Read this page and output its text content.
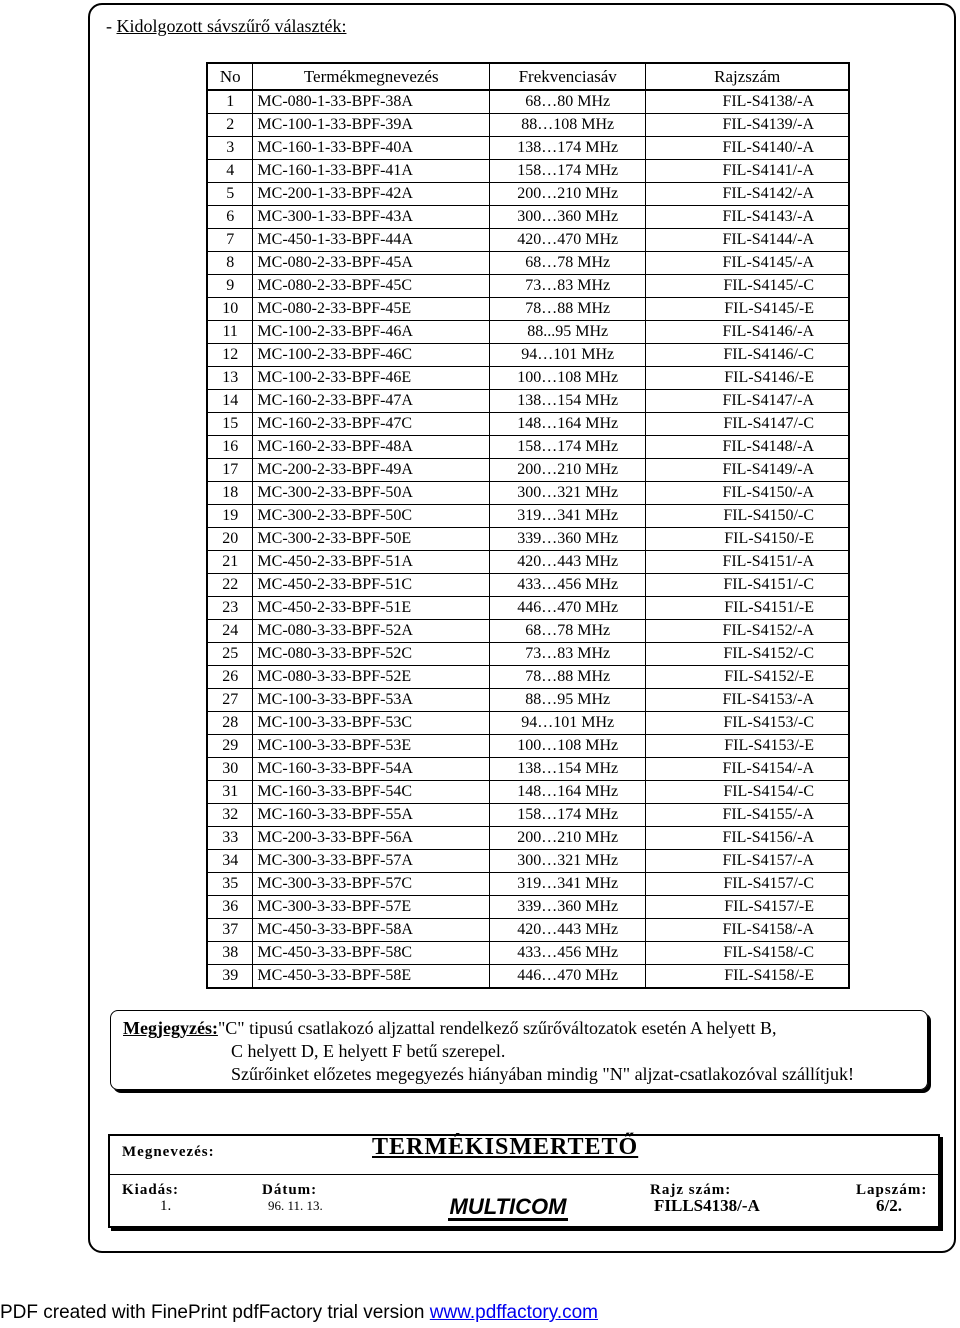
- Kidolgozott sávszűrő választék:
No	Termékmegnevezés	Frekvenciasáv	Rajzszám
1	MC-080-1-33-BPF-38A	68…80 MHz	FIL-S4138/-A
2	MC-100-1-33-BPF-39A	88…108 MHz	FIL-S4139/-A
3	MC-160-1-33-BPF-40A	138…174 MHz	FIL-S4140/-A
4	MC-160-1-33-BPF-41A	158…174 MHz	FIL-S4141/-A
5	MC-200-1-33-BPF-42A	200…210 MHz	FIL-S4142/-A
6	MC-300-1-33-BPF-43A	300…360 MHz	FIL-S4143/-A
7	MC-450-1-33-BPF-44A	420…470 MHz	FIL-S4144/-A
8	MC-080-2-33-BPF-45A	68…78 MHz	FIL-S4145/-A
9	MC-080-2-33-BPF-45C	73…83 MHz	FIL-S4145/-C
10	MC-080-2-33-BPF-45E	78…88 MHz	FIL-S4145/-E
11	MC-100-2-33-BPF-46A	88...95 MHz	FIL-S4146/-A
12	MC-100-2-33-BPF-46C	94…101 MHz	FIL-S4146/-C
13	MC-100-2-33-BPF-46E	100…108 MHz	FIL-S4146/-E
14	MC-160-2-33-BPF-47A	138…154 MHz	FIL-S4147/-A
15	MC-160-2-33-BPF-47C	148…164 MHz	FIL-S4147/-C
16	MC-160-2-33-BPF-48A	158…174 MHz	FIL-S4148/-A
17	MC-200-2-33-BPF-49A	200…210 MHz	FIL-S4149/-A
18	MC-300-2-33-BPF-50A	300…321 MHz	FIL-S4150/-A
19	MC-300-2-33-BPF-50C	319…341 MHz	FIL-S4150/-C
20	MC-300-2-33-BPF-50E	339…360 MHz	FIL-S4150/-E
21	MC-450-2-33-BPF-51A	420…443 MHz	FIL-S4151/-A
22	MC-450-2-33-BPF-51C	433…456 MHz	FIL-S4151/-C
23	MC-450-2-33-BPF-51E	446…470 MHz	FIL-S4151/-E
24	MC-080-3-33-BPF-52A	68…78 MHz	FIL-S4152/-A
25	MC-080-3-33-BPF-52C	73…83 MHz	FIL-S4152/-C
26	MC-080-3-33-BPF-52E	78…88 MHz	FIL-S4152/-E
27	MC-100-3-33-BPF-53A	88…95 MHz	FIL-S4153/-A
28	MC-100-3-33-BPF-53C	94…101 MHz	FIL-S4153/-C
29	MC-100-3-33-BPF-53E	100…108 MHz	FIL-S4153/-E
30	MC-160-3-33-BPF-54A	138…154 MHz	FIL-S4154/-A
31	MC-160-3-33-BPF-54C	148…164 MHz	FIL-S4154/-C
32	MC-160-3-33-BPF-55A	158…174 MHz	FIL-S4155/-A
33	MC-200-3-33-BPF-56A	200…210 MHz	FIL-S4156/-A
34	MC-300-3-33-BPF-57A	300…321 MHz	FIL-S4157/-A
35	MC-300-3-33-BPF-57C	319…341 MHz	FIL-S4157/-C
36	MC-300-3-33-BPF-57E	339…360 MHz	FIL-S4157/-E
37	MC-450-3-33-BPF-58A	420…443 MHz	FIL-S4158/-A
38	MC-450-3-33-BPF-58C	433…456 MHz	FIL-S4158/-C
39	MC-450-3-33-BPF-58E	446…470 MHz	FIL-S4158/-E
Megjegyzés:"C" tipusú csatlakozó aljzattal rendelkező szűrőváltozatok esetén A helyett B,
C helyett D, E helyett F betű szerepel.
Szűrőinket előzetes megegyezés hiányában mindig "N" aljzat-csatlakozóval szállítjuk!
Megnevezés:	TERMÉKISMERTETŐ
Kiadás:
1.
Dátum:
96. 11. 13.	MULTICOM
Rajz szám:
FILLS4138/-A
Lapszám:
6/2.
PDF created with FinePrint pdfFactory trial version www.pdffactory.com
